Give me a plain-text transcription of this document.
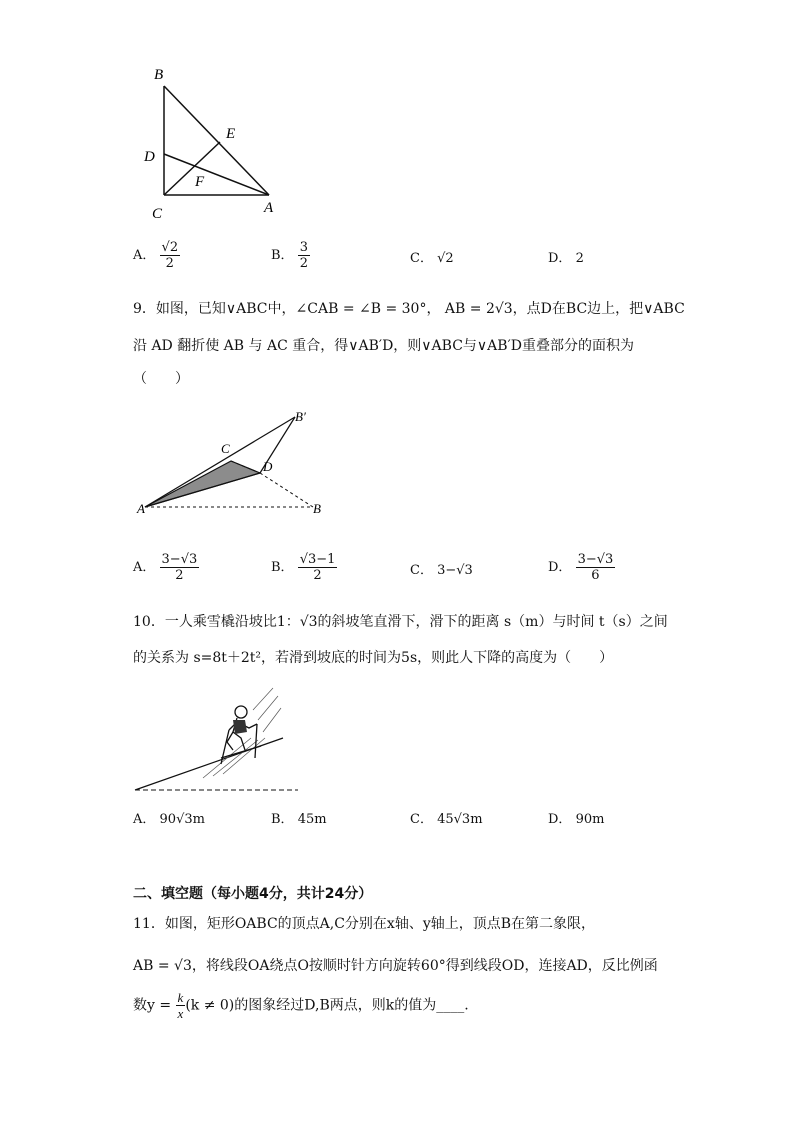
B
E
D
F
C	A
A． $\frac{√2}{2}$	B． $\frac{3}{2}$	C． √2	D． 2
9．如图，已知∨ABC中，∠CAB = ∠B = 30°， AB = 2√3，点D在BC边上，把∨ABC
沿 AD 翻折使 AB 与 AC 重合，得∨AB′D，则∨ABC与∨AB′D重叠部分的面积为
（　　）
C
B′
D
A	B
A． $\frac{3-√3}{2}$	B． $\frac{√3-1}{2}$	C． 3−√3	D． $\frac{3-√3}{6}$
10．一人乘雪橇沿坡比1：√3的斜坡笔直滑下，滑下的距离 s（m）与时间 t（s）之间
的关系为 s=8t＋2t²，若滑到坡底的时间为5s，则此人下降的高度为（　　）
A． 90√3m	B． 45m	C． 45√3m	D． 90m
二、填空题（每小题4分，共计24分）
11．如图，矩形OABC的顶点A,C分别在x轴、y轴上，顶点B在第二象限，
AB = √3，将线段OA绕点O按顺时针方向旋转60°得到线段OD，连接AD，反比例函
数$y = \frac{k}{x} (k \ne 0)$的图象经过D,B两点，则k的值为____.
